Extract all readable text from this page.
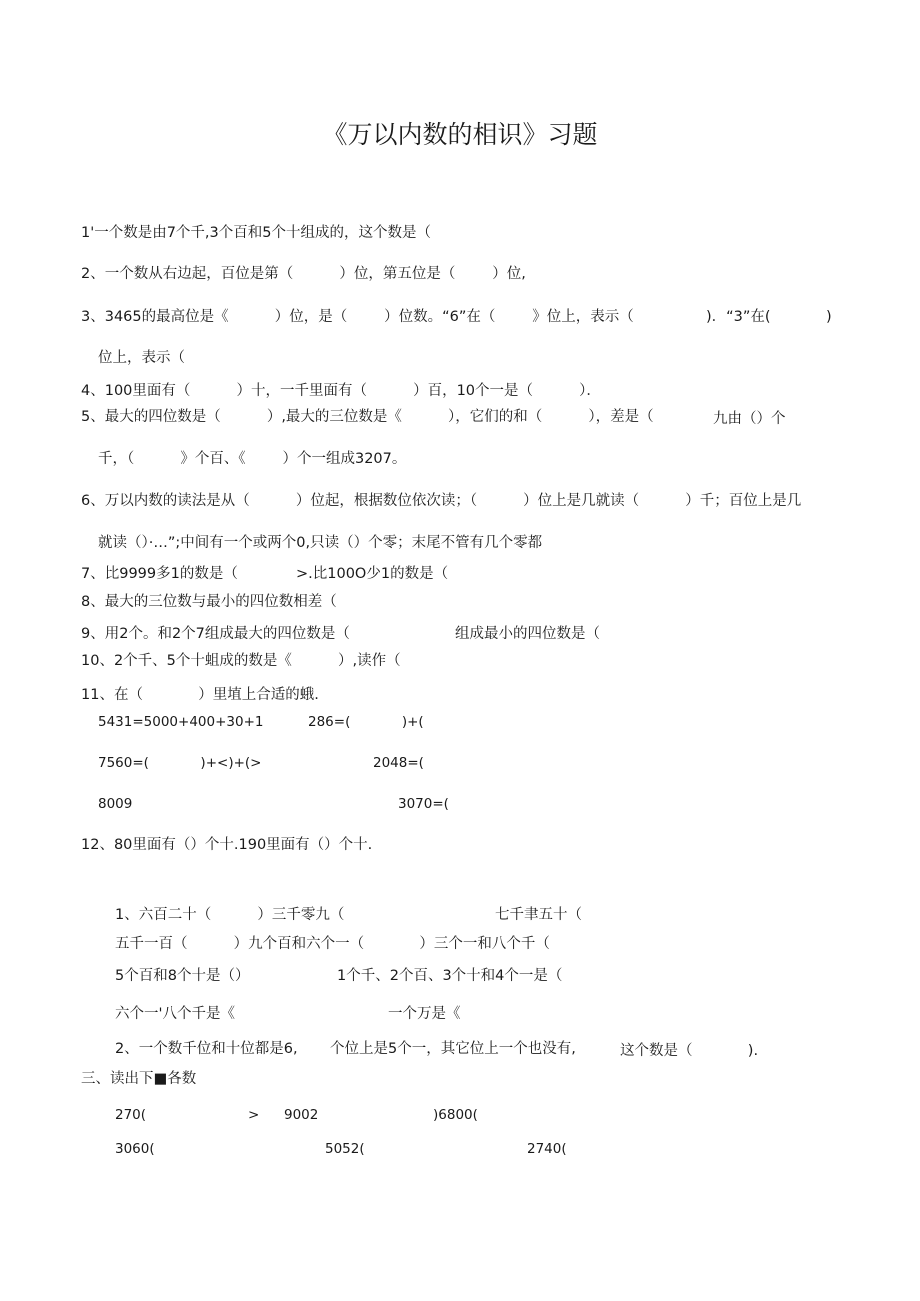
《万以内数的相识》习题
1'一个数是由7个千,3个百和5个十组成的，这个数是（
2、一个数从右边起，百位是第（          ）位，第五位是（        ）位,
3、3465的最高位是《          ）位，是（        ）位数。“6”在（        》位上，表示（	)．“3”在(	)
位上，表示（
4、100里面有（          ）十，一千里面有（          ）百，10个一是（          ）．
5、最大的四位数是（          ）,最大的三位数是《          ），它们的和（          ），差是（	九由（）个
千，（          》个百、《        ）个一组成3207。
6、万以内数的读法是从（          ）位起，根据数位依次读；（          ）位上是几就读（          ）千；百位上是几
就读（）·…”;中间有一个或两个0,只读（）个零；末尾不管有几个零都
7、比9999多1的数是（	>.比100O少1的数是（
8、最大的三位数与最小的四位数相差（
9、用2个。和2个7组成最大的四位数是（	组成最小的四位数是（
10、2个千、5个十蛆成的数是《          ）,读作（
11、在（            ）里埴上合适的蛾.
5431=5000+400+30+1	286=(            )+(
7560=(            )+<)+(>	2048=(
8009	3070=(
12、80里面有（）个十.190里面有（）个十.
1、六百二十（          ）三千零九（	七千聿五十（
五千一百（          ）九个百和六个一（            ）三个一和八个千（
5个百和8个十是（）	1个千、2个百、3个十和4个一是（
六个一'八个千是《	一个万是《
2、一个数千位和十位都是6, 个位上是5个一，其它位上一个也没有,	这个数是（            ).
三、读出下■各数
270(	> 9002	)6800(
3060(	5052(	2740(
